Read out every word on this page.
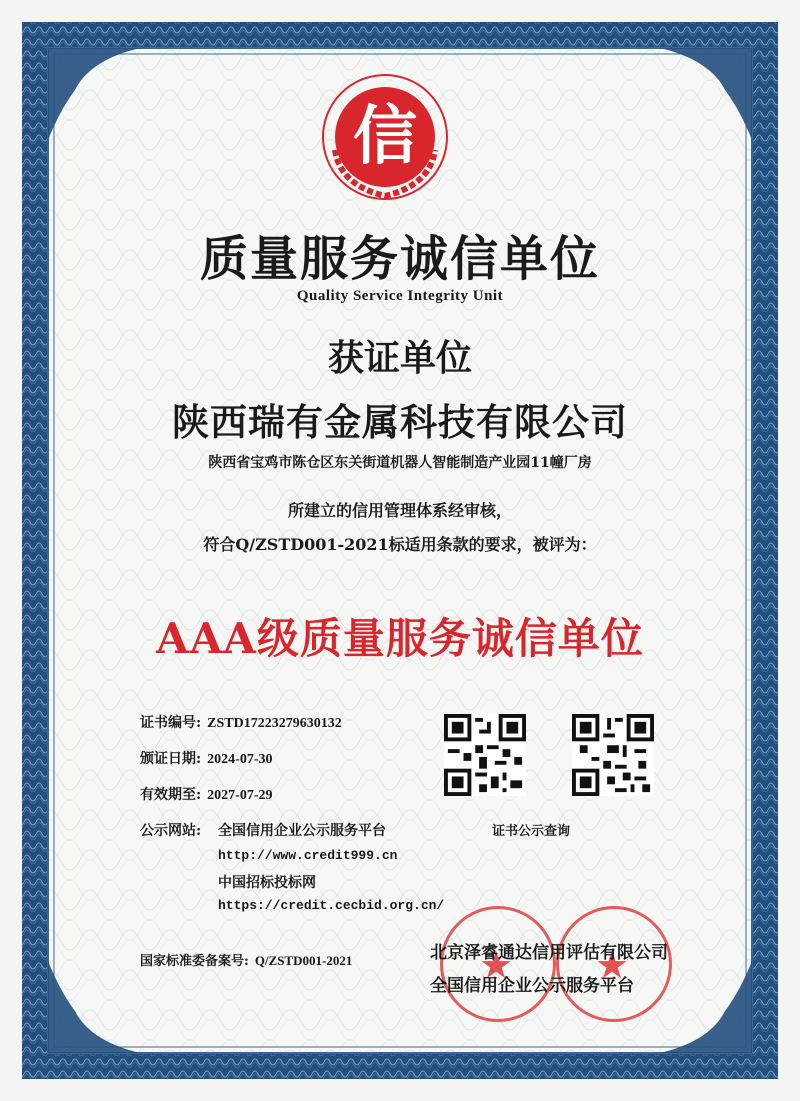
信
质量服务诚信单位
Quality Service Integrity Unit
获证单位
陕西瑞有金属科技有限公司
陕西省宝鸡市陈仓区东关街道机器人智能制造产业园11幢厂房
所建立的信用管理体系经审核，
符合Q/ZSTD001-2021标适用条款的要求，被评为：
AAA级质量服务诚信单位
证书编号: ZSTD17223279630132
颁证日期: 2024-07-30
有效期至: 2027-07-29
公示网站: 全国信用企业公示服务平台
http://www.credit999.cn
中国招标投标网
https://credit.cecbid.org.cn/
国家标准委备案号: Q/ZSTD001-2021
证书公示查询
★
★
北京泽睿通达信用评估有限公司
全国信用企业公示服务平台
